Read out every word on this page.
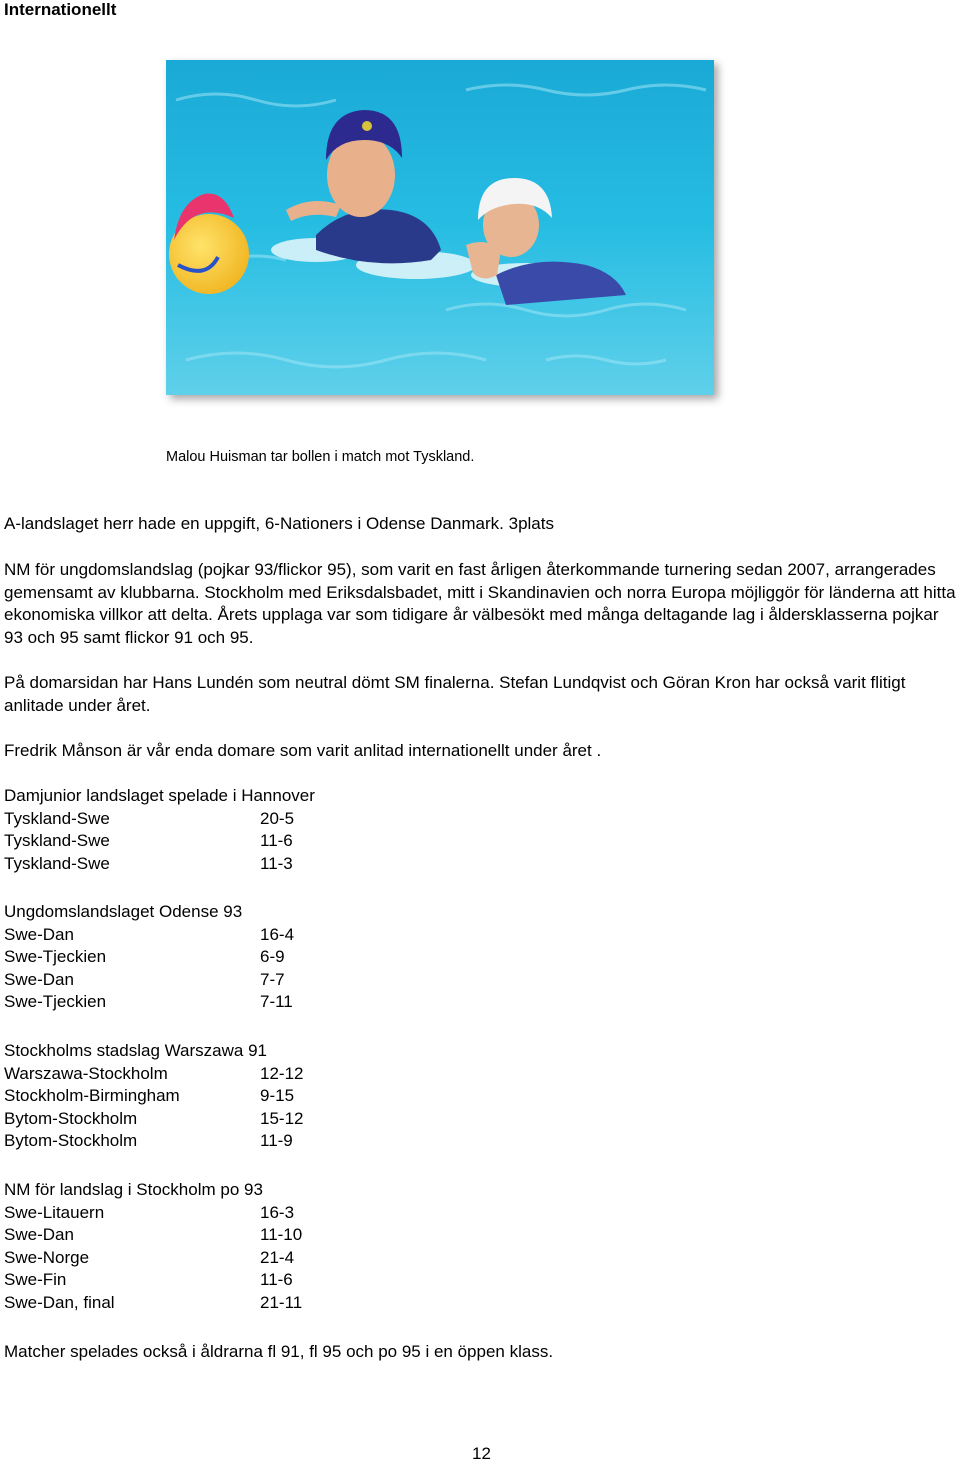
Internationellt
Malou Huisman tar bollen i match mot Tyskland.
A-landslaget herr hade en uppgift, 6-Nationers i Odense Danmark. 3plats
NM för ungdomslandslag (pojkar 93/flickor 95), som varit en fast årligen återkommande turnering sedan 2007, arrangerades gemensamt av klubbarna. Stockholm med Eriksdalsbadet, mitt i Skandinavien och norra Europa möjliggör för länderna att hitta ekonomiska villkor att delta. Årets upplaga var som tidigare år välbesökt med många deltagande lag i åldersklasserna pojkar 93 och 95 samt flickor 91 och 95.
På domarsidan har Hans Lundén som neutral dömt SM finalerna. Stefan Lundqvist och Göran Kron har också varit flitigt anlitade under året.
Fredrik Månson är vår enda domare som varit anlitad internationellt under året .
Damjunior landslaget spelade i Hannover
Tyskland-Swe	20-5
Tyskland-Swe	11-6
Tyskland-Swe	11-3
Ungdomslandslaget Odense 93
Swe-Dan	16-4
Swe-Tjeckien	6-9
Swe-Dan	7-7
Swe-Tjeckien	7-11
Stockholms stadslag Warszawa 91
Warszawa-Stockholm	12-12
Stockholm-Birmingham	9-15
Bytom-Stockholm	15-12
Bytom-Stockholm	11-9
NM för landslag i Stockholm po 93
Swe-Litauern	16-3
Swe-Dan	11-10
Swe-Norge	21-4
Swe-Fin	11-6
Swe-Dan, final	21-11
Matcher spelades också i åldrarna fl 91, fl 95 och po 95 i en öppen klass.
12
